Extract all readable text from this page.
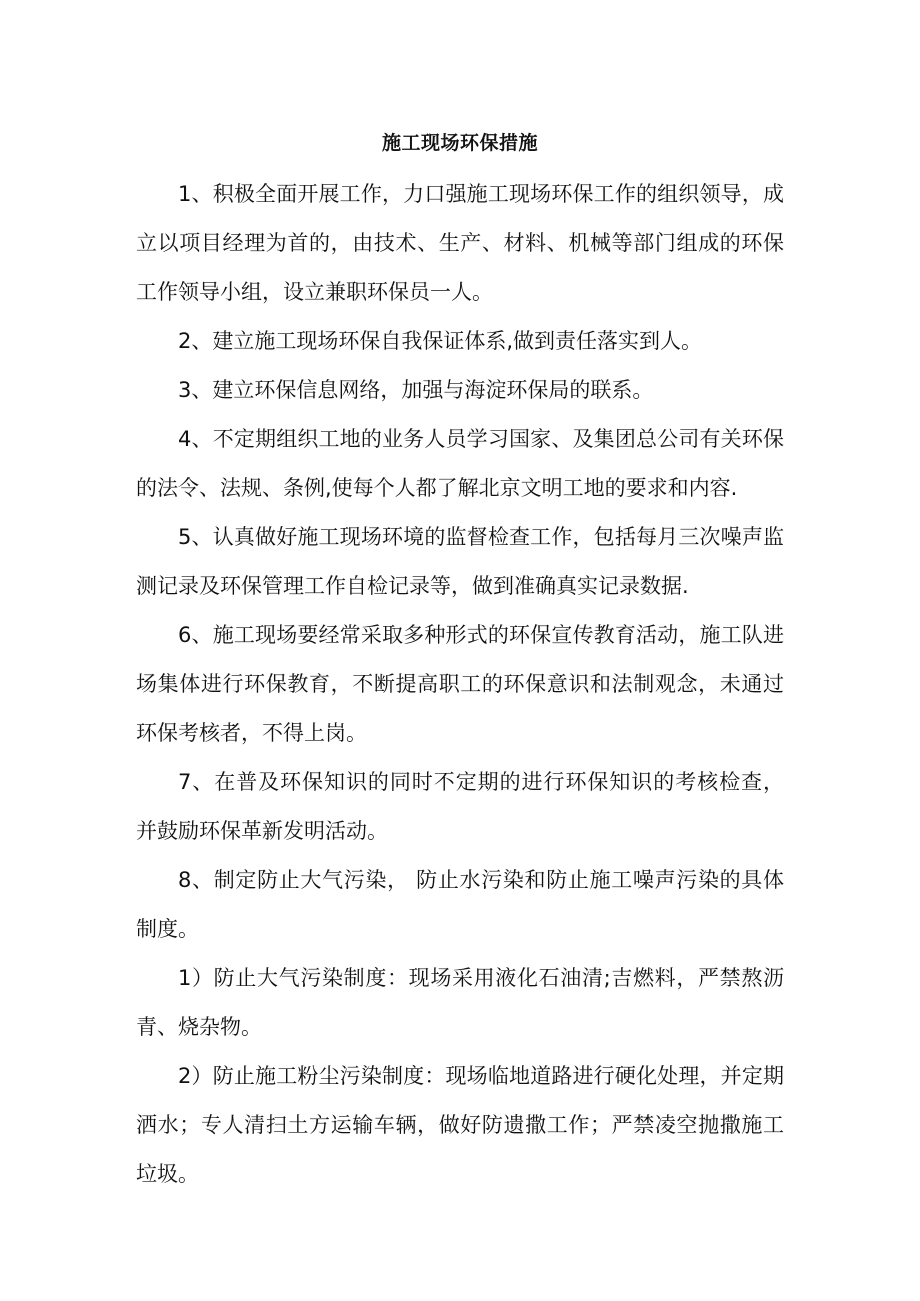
施工现场环保措施

1、积极全面开展工作，力口强施工现场环保工作的组织领导，成立以项目经理为首的，由技术、生产、材料、机械等部门组成的环保工作领导小组，设立兼职环保员一人。

2、建立施工现场环保自我保证体系,做到责任落实到人。

3、建立环保信息网络，加强与海淀环保局的联系。

4、不定期组织工地的业务人员学习国家、及集团总公司有关环保的法令、法规、条例,使每个人都了解北京文明工地的要求和内容.

5、认真做好施工现场环境的监督检查工作，包括每月三次噪声监测记录及环保管理工作自检记录等，做到准确真实记录数据.

6、施工现场要经常采取多种形式的环保宣传教育活动，施工队进场集体进行环保教育，不断提高职工的环保意识和法制观念，未通过环保考核者，不得上岗。

7、在普及环保知识的同时不定期的进行环保知识的考核检查， 并鼓励环保革新发明活动。

8、制定防止大气污染， 防止水污染和防止施工噪声污染的具体制度。

1）防止大气污染制度：现场采用液化石油清;吉燃料，严禁熬沥青、烧杂物。

2）防止施工粉尘污染制度：现场临地道路进行硬化处理，并定期洒水；专人清扫土方运输车辆，做好防遗撒工作；严禁凌空抛撒施工垃圾。
